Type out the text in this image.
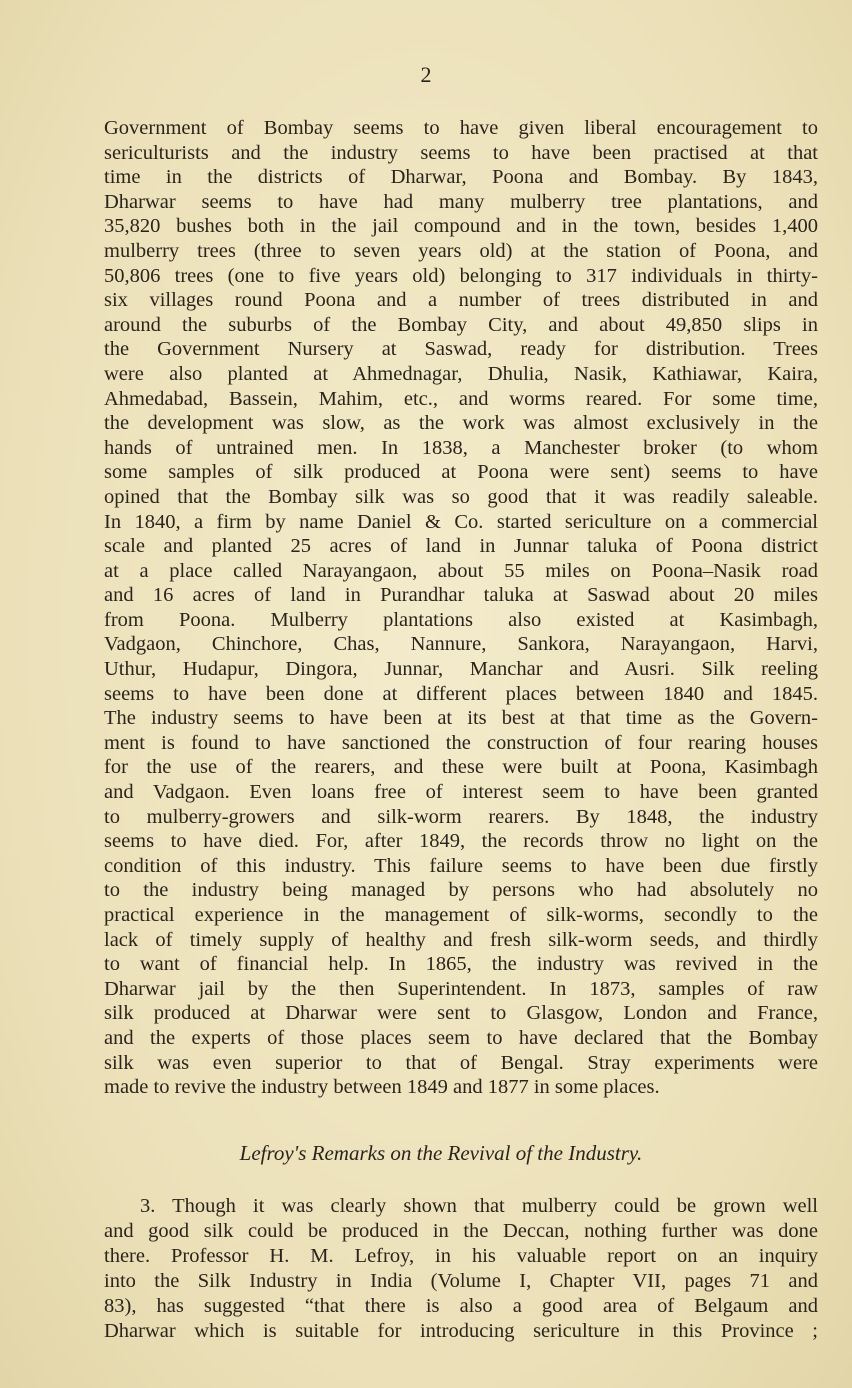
2
Government of Bombay seems to have given liberal encouragement to
sericulturists and the industry seems to have been practised at that
time in the districts of Dharwar, Poona and Bombay. By 1843,
Dharwar seems to have had many mulberry tree plantations, and
35,820 bushes both in the jail compound and in the town, besides 1,400
mulberry trees (three to seven years old) at the station of Poona, and
50,806 trees (one to five years old) belonging to 317 individuals in thirty-
six villages round Poona and a number of trees distributed in and
around the suburbs of the Bombay City, and about 49,850 slips in
the Government Nursery at Saswad, ready for distribution. Trees
were also planted at Ahmednagar, Dhulia, Nasik, Kathiawar, Kaira,
Ahmedabad, Bassein, Mahim, etc., and worms reared. For some time,
the development was slow, as the work was almost exclusively in the
hands of untrained men. In 1838, a Manchester broker (to whom
some samples of silk produced at Poona were sent) seems to have
opined that the Bombay silk was so good that it was readily saleable.
In 1840, a firm by name Daniel & Co. started sericulture on a commercial
scale and planted 25 acres of land in Junnar taluka of Poona district
at a place called Narayangaon, about 55 miles on Poona–Nasik road
and 16 acres of land in Purandhar taluka at Saswad about 20 miles
from Poona. Mulberry plantations also existed at Kasimbagh,
Vadgaon, Chinchore, Chas, Nannure, Sankora, Narayangaon, Harvi,
Uthur, Hudapur, Dingora, Junnar, Manchar and Ausri. Silk reeling
seems to have been done at different places between 1840 and 1845.
The industry seems to have been at its best at that time as the Govern-
ment is found to have sanctioned the construction of four rearing houses
for the use of the rearers, and these were built at Poona, Kasimbagh
and Vadgaon. Even loans free of interest seem to have been granted
to mulberry-growers and silk-worm rearers. By 1848, the industry
seems to have died. For, after 1849, the records throw no light on the
condition of this industry. This failure seems to have been due firstly
to the industry being managed by persons who had absolutely no
practical experience in the management of silk-worms, secondly to the
lack of timely supply of healthy and fresh silk-worm seeds, and thirdly
to want of financial help. In 1865, the industry was revived in the
Dharwar jail by the then Superintendent. In 1873, samples of raw
silk produced at Dharwar were sent to Glasgow, London and France,
and the experts of those places seem to have declared that the Bombay
silk was even superior to that of Bengal. Stray experiments were
made to revive the industry between 1849 and 1877 in some places.
Lefroy's Remarks on the Revival of the Industry.
3. Though it was clearly shown that mulberry could be grown well
and good silk could be produced in the Deccan, nothing further was done
there. Professor H. M. Lefroy, in his valuable report on an inquiry
into the Silk Industry in India (Volume I, Chapter VII, pages 71 and
83), has suggested “that there is also a good area of Belgaum and
Dharwar which is suitable for introducing sericulture in this Province ;
